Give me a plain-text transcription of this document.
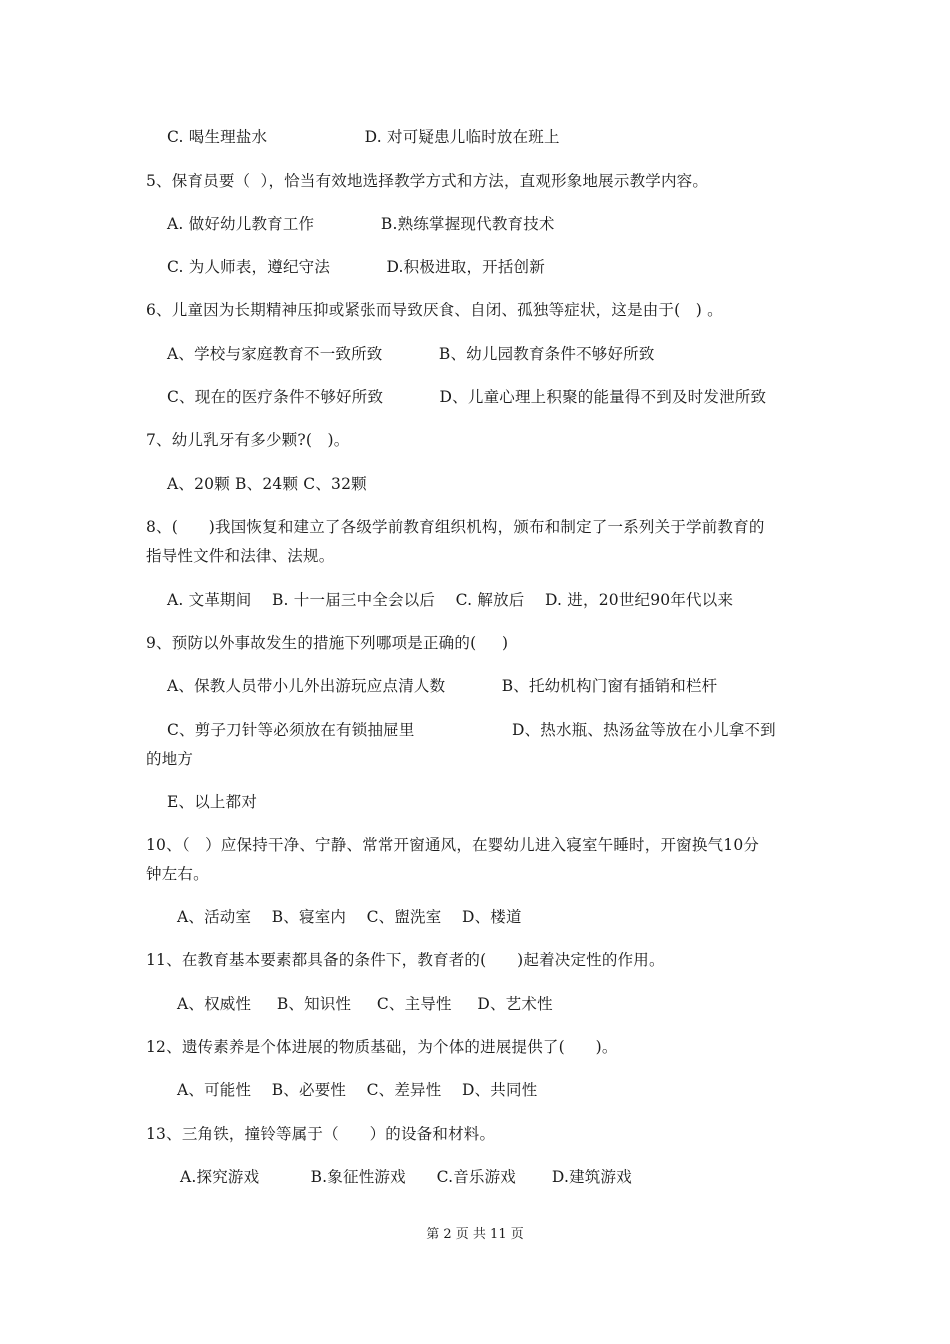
C. 喝生理盐水                   D. 对可疑患儿临时放在班上
5、保育员要（  ），恰当有效地选择教学方式和方法，直观形象地展示教学内容。
A. 做好幼儿教育工作             B.熟练掌握现代教育技术
C. 为人师表，遵纪守法           D.积极进取，开括创新
6、儿童因为长期精神压抑或紧张而导致厌食、自闭、孤独等症状，这是由于(   ) 。
A、学校与家庭教育不一致所致           B、幼儿园教育条件不够好所致
C、现在的医疗条件不够好所致           D、儿童心理上积聚的能量得不到及时发泄所致
7、幼儿乳牙有多少颗?(   )。
A、20颗 B、24颗 C、32颗
8、(      )我国恢复和建立了各级学前教育组织机构，颁布和制定了一系列关于学前教育的
指导性文件和法律、法规。
A. 文革期间    B. 十一届三中全会以后    C. 解放后    D. 进，20世纪90年代以来
9、预防以外事故发生的措施下列哪项是正确的(     )
A、保教人员带小儿外出游玩应点清人数           B、托幼机构门窗有插销和栏杆
C、剪子刀针等必须放在有锁抽屉里                   D、热水瓶、热汤盆等放在小儿拿不到
的地方
E、以上都对
10、（   ）应保持干净、宁静、常常开窗通风，在婴幼儿进入寝室午睡时，开窗换气10分
钟左右。
A、活动室    B、寝室内    C、盥洗室    D、楼道
11、在教育基本要素都具备的条件下，教育者的(      )起着决定性的作用。
A、权威性     B、知识性     C、主导性     D、艺术性
12、遗传素养是个体进展的物质基础，为个体的进展提供了(      )。
A、可能性    B、必要性    C、差异性    D、共同性
13、三角铁，撞铃等属于（      ）的设备和材料。
A.探究游戏          B.象征性游戏      C.音乐游戏       D.建筑游戏
第 2 页 共 11 页
